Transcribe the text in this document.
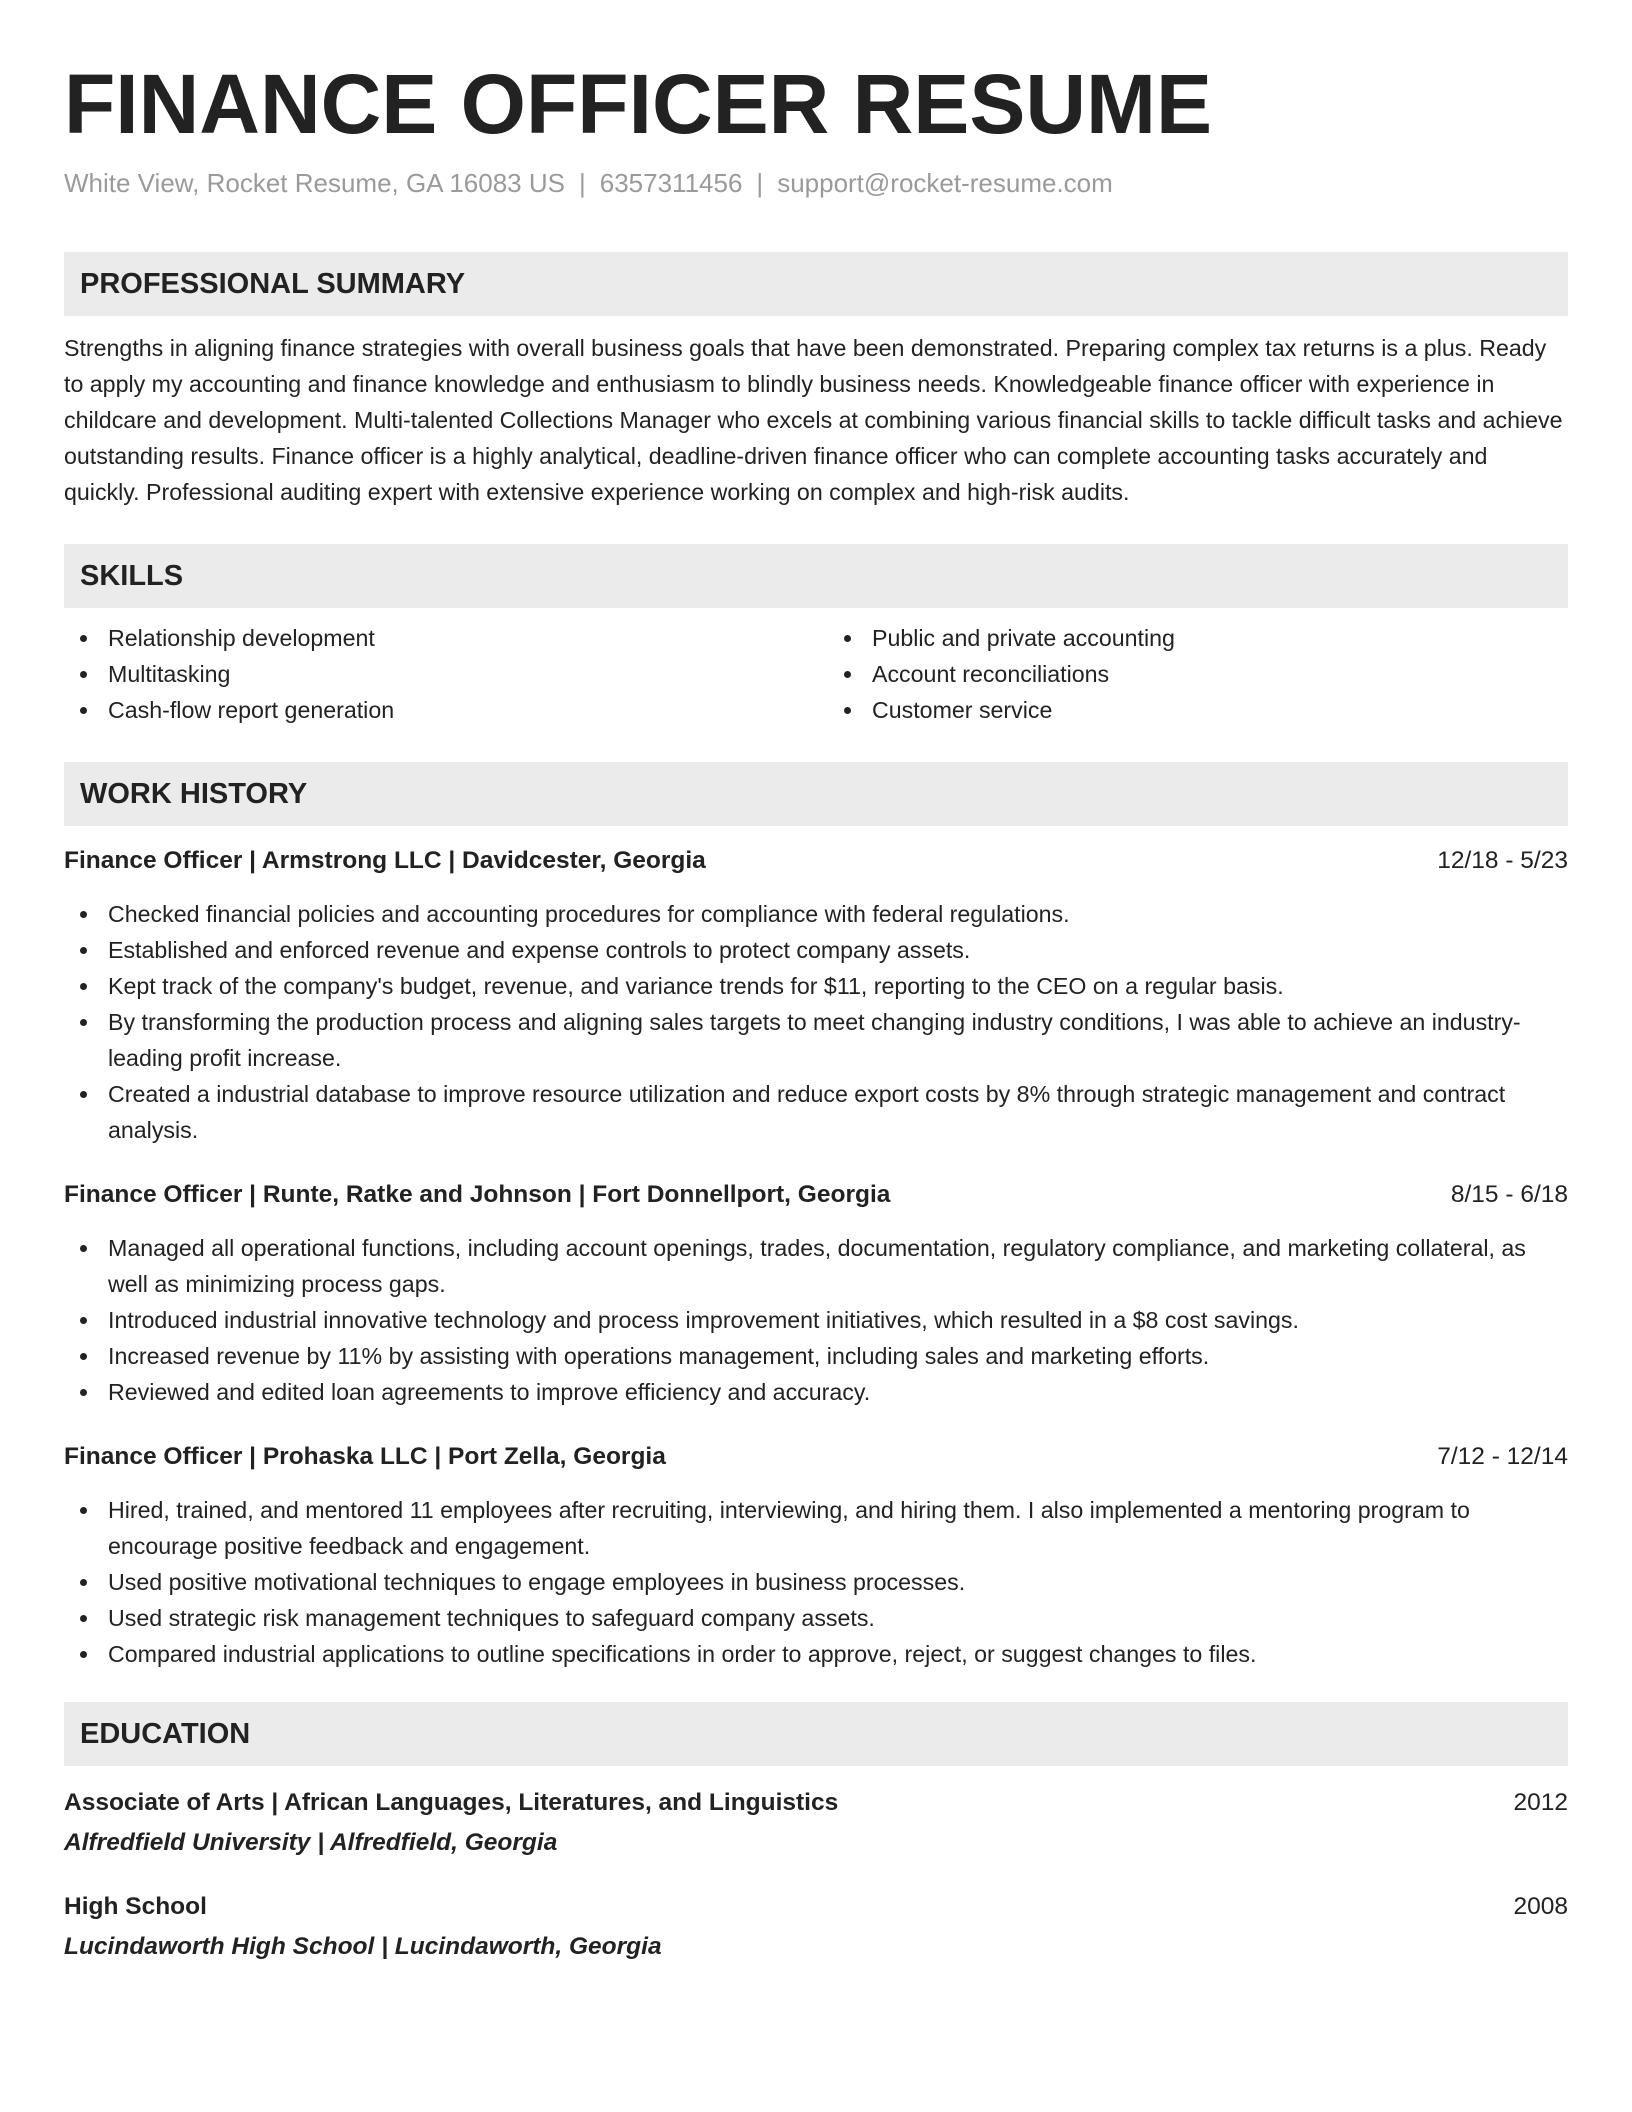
FINANCE OFFICER RESUME
White View, Rocket Resume, GA 16083 US | 6357311456 | support@rocket-resume.com
PROFESSIONAL SUMMARY
Strengths in aligning finance strategies with overall business goals that have been demonstrated. Preparing complex tax returns is a plus. Ready to apply my accounting and finance knowledge and enthusiasm to blindly business needs. Knowledgeable finance officer with experience in childcare and development. Multi-talented Collections Manager who excels at combining various financial skills to tackle difficult tasks and achieve outstanding results. Finance officer is a highly analytical, deadline-driven finance officer who can complete accounting tasks accurately and quickly. Professional auditing expert with extensive experience working on complex and high-risk audits.
SKILLS
Relationship development
Multitasking
Cash-flow report generation
Public and private accounting
Account reconciliations
Customer service
WORK HISTORY
Finance Officer | Armstrong LLC | Davidcester, Georgia	12/18 - 5/23
Checked financial policies and accounting procedures for compliance with federal regulations.
Established and enforced revenue and expense controls to protect company assets.
Kept track of the company's budget, revenue, and variance trends for $11, reporting to the CEO on a regular basis.
By transforming the production process and aligning sales targets to meet changing industry conditions, I was able to achieve an industry-leading profit increase.
Created a industrial database to improve resource utilization and reduce export costs by 8% through strategic management and contract analysis.
Finance Officer | Runte, Ratke and Johnson | Fort Donnellport, Georgia	8/15 - 6/18
Managed all operational functions, including account openings, trades, documentation, regulatory compliance, and marketing collateral, as well as minimizing process gaps.
Introduced industrial innovative technology and process improvement initiatives, which resulted in a $8 cost savings.
Increased revenue by 11% by assisting with operations management, including sales and marketing efforts.
Reviewed and edited loan agreements to improve efficiency and accuracy.
Finance Officer | Prohaska LLC | Port Zella, Georgia	7/12 - 12/14
Hired, trained, and mentored 11 employees after recruiting, interviewing, and hiring them. I also implemented a mentoring program to encourage positive feedback and engagement.
Used positive motivational techniques to engage employees in business processes.
Used strategic risk management techniques to safeguard company assets.
Compared industrial applications to outline specifications in order to approve, reject, or suggest changes to files.
EDUCATION
Associate of Arts | African Languages, Literatures, and Linguistics	2012
Alfredfield University | Alfredfield, Georgia
High School	2008
Lucindaworth High School | Lucindaworth, Georgia
